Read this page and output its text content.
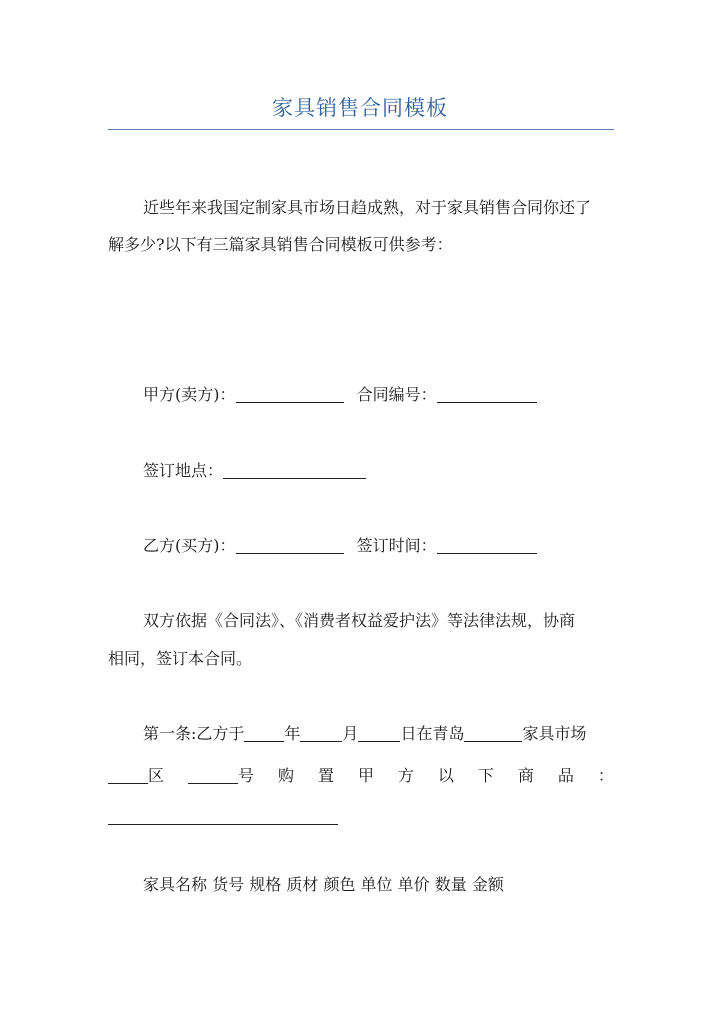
家具销售合同模板
近些年来我国定制家具市场日趋成熟，对于家具销售合同你还了
解多少?以下有三篇家具销售合同模板可供参考：
甲方(卖方)：	合同编号：
签订地点：
乙方(买方)：	签订时间：
双方依据《合同法》、《消费者权益爱护法》等法律法规，协商
相同，签订本合同。
第一条:乙方于	年	月	日在青岛	家具市场
区	号 购 置 甲 方 以 下 商 品 ：
家具名称 货号 规格 质材 颜色 单位 单价 数量 金额
